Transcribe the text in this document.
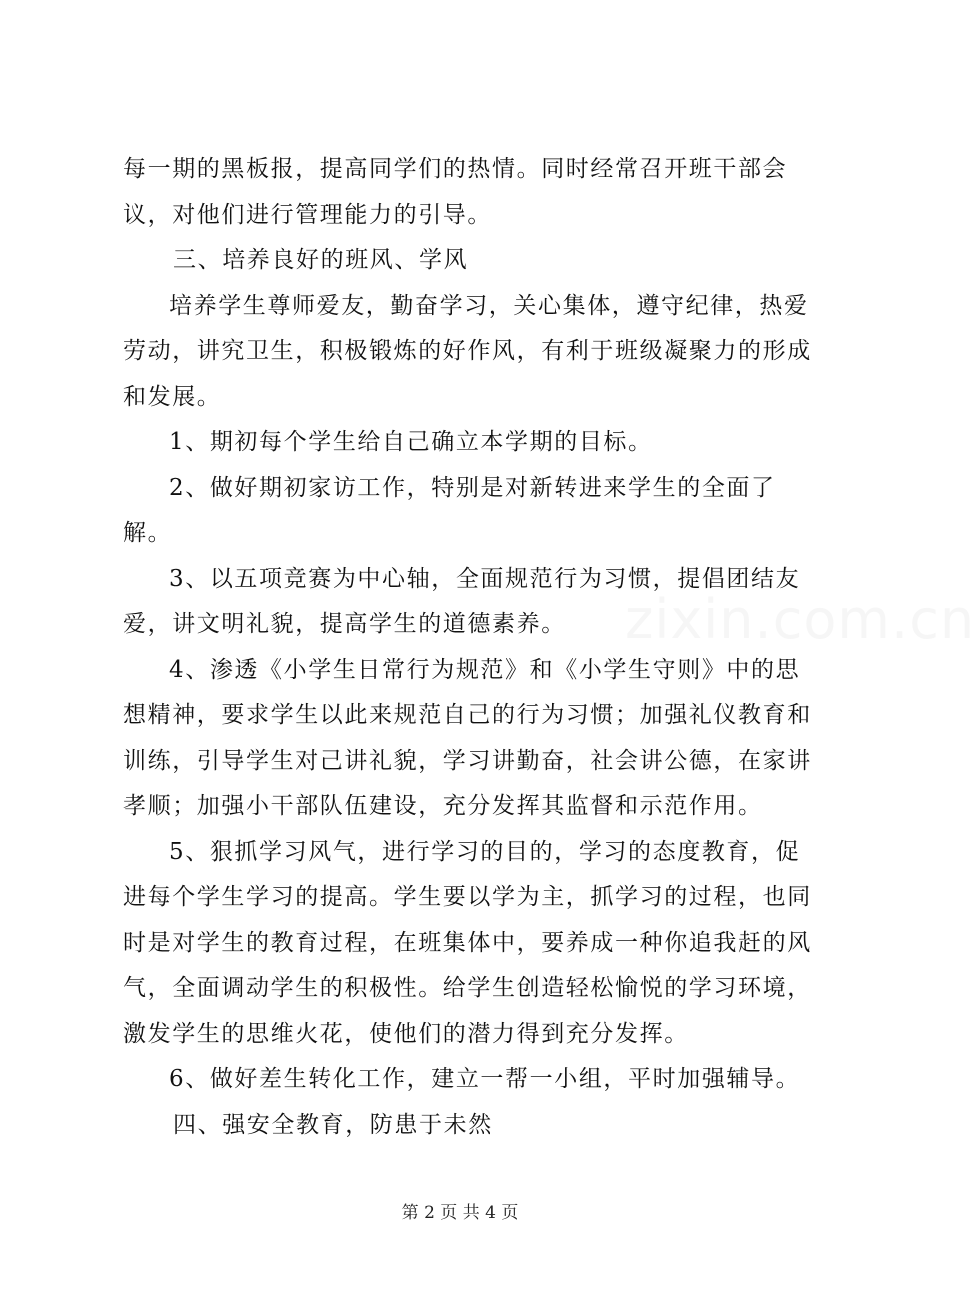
zixin.com.cn

每一期的黑板报，提高同学们的热情。同时经常召开班干部会议，对他们进行管理能力的引导。

三、培养良好的班风、学风

培养学生尊师爱友，勤奋学习，关心集体，遵守纪律，热爱劳动，讲究卫生，积极锻炼的好作风，有利于班级凝聚力的形成和发展。

1、期初每个学生给自己确立本学期的目标。

2、做好期初家访工作，特别是对新转进来学生的全面了解。

3、以五项竞赛为中心轴，全面规范行为习惯，提倡团结友爱，讲文明礼貌，提高学生的道德素养。

4、渗透《小学生日常行为规范》和《小学生守则》中的思想精神，要求学生以此来规范自己的行为习惯；加强礼仪教育和训练，引导学生对己讲礼貌，学习讲勤奋，社会讲公德，在家讲孝顺；加强小干部队伍建设，充分发挥其监督和示范作用。

5、狠抓学习风气，进行学习的目的，学习的态度教育，促进每个学生学习的提高。学生要以学为主，抓学习的过程，也同时是对学生的教育过程，在班集体中，要养成一种你追我赶的风气，全面调动学生的积极性。给学生创造轻松愉悦的学习环境，激发学生的思维火花，使他们的潜力得到充分发挥。

6、做好差生转化工作，建立一帮一小组，平时加强辅导。

四、强安全教育，防患于未然

第 2 页 共 4 页
